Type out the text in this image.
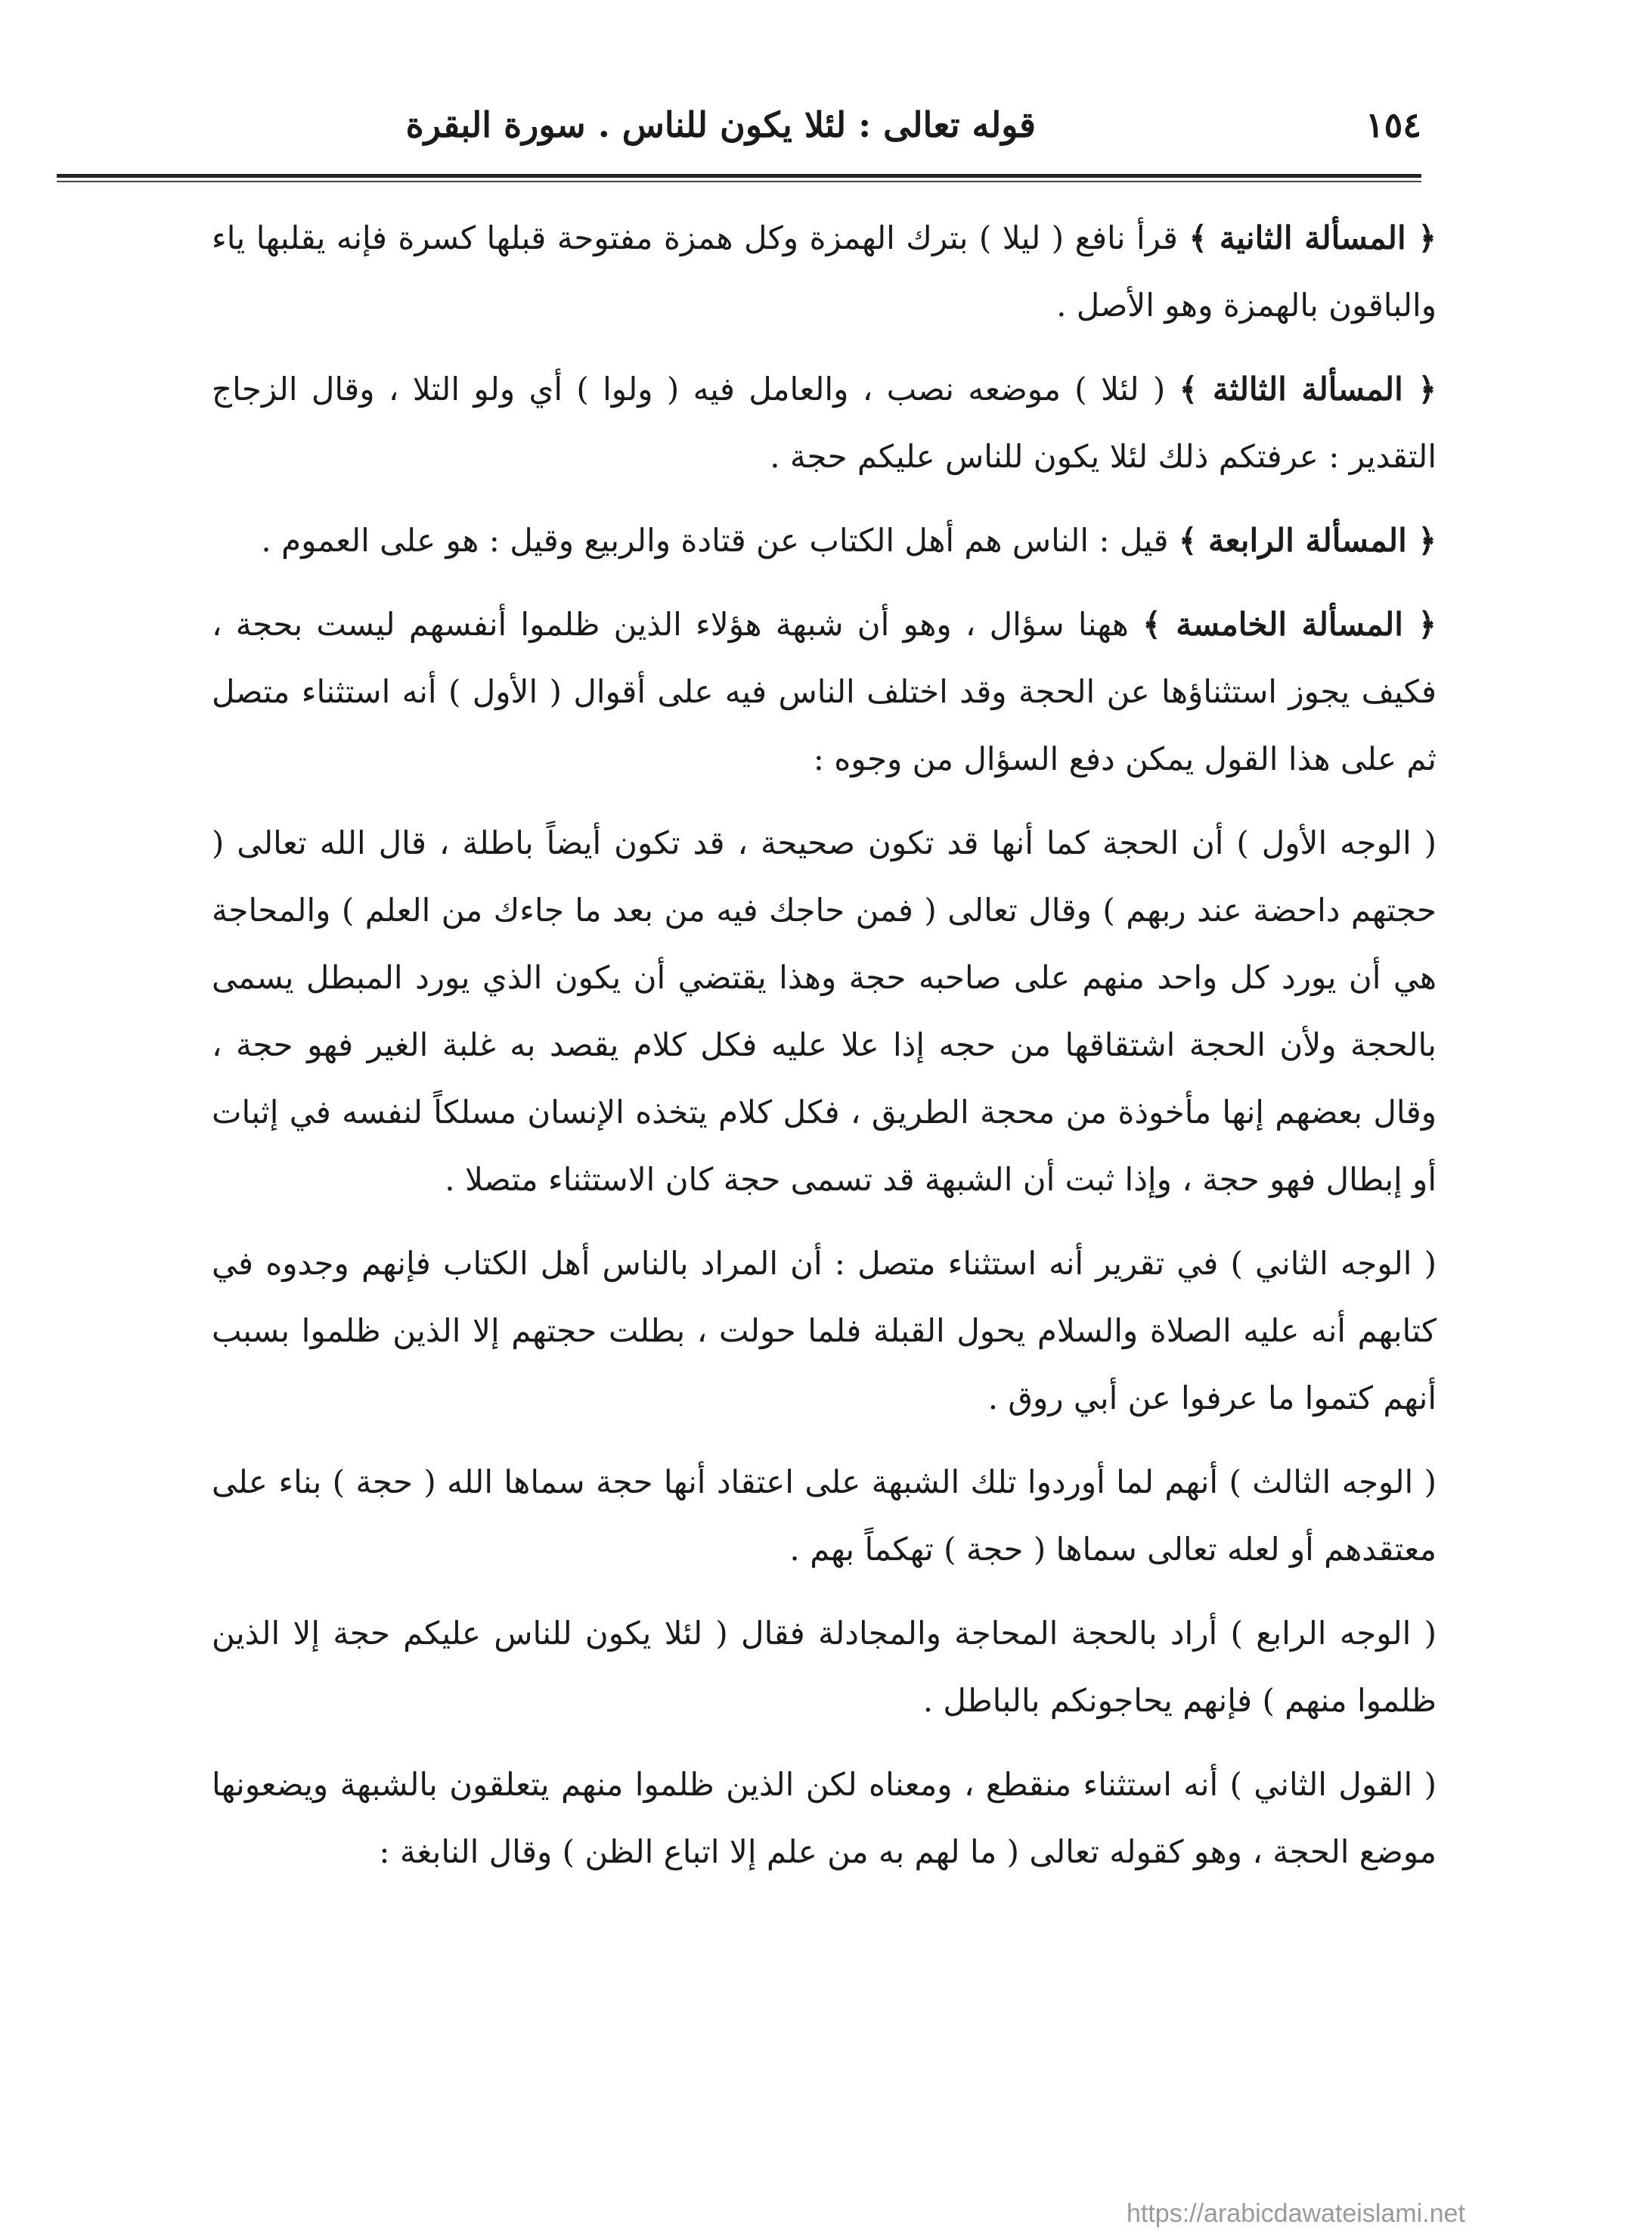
١٥٤
قوله تعالى : لئلا يكون للناس . سورة البقرة

﴿ المسألة الثانية ﴾ قرأ نافع ( ليلا ) بترك الهمزة وكل همزة مفتوحة قبلها كسرة فإنه يقلبها ياء والباقون بالهمزة وهو الأصل .

﴿ المسألة الثالثة ﴾ ( لئلا ) موضعه نصب ، والعامل فيه ( ولوا ) أي ولو التلا ، وقال الزجاج التقدير : عرفتكم ذلك لئلا يكون للناس عليكم حجة .

﴿ المسألة الرابعة ﴾ قيل : الناس هم أهل الكتاب عن قتادة والربيع وقيل : هو على العموم .

﴿ المسألة الخامسة ﴾ ههنا سؤال ، وهو أن شبهة هؤلاء الذين ظلموا أنفسهم ليست بحجة ، فكيف يجوز استثناؤها عن الحجة وقد اختلف الناس فيه على أقوال ( الأول ) أنه استثناء متصل ثم على هذا القول يمكن دفع السؤال من وجوه :

( الوجه الأول ) أن الحجة كما أنها قد تكون صحيحة ، قد تكون أيضاً باطلة ، قال الله تعالى ( حجتهم داحضة عند ربهم ) وقال تعالى ( فمن حاجك فيه من بعد ما جاءك من العلم ) والمحاجة هي أن يورد كل واحد منهم على صاحبه حجة وهذا يقتضي أن يكون الذي يورد المبطل يسمى بالحجة ولأن الحجة اشتقاقها من حجه إذا علا عليه فكل كلام يقصد به غلبة الغير فهو حجة ، وقال بعضهم إنها مأخوذة من محجة الطريق ، فكل كلام يتخذه الإنسان مسلكاً لنفسه في إثبات أو إبطال فهو حجة ، وإذا ثبت أن الشبهة قد تسمى حجة كان الاستثناء متصلا .

( الوجه الثاني ) في تقرير أنه استثناء متصل : أن المراد بالناس أهل الكتاب فإنهم وجدوه في كتابهم أنه عليه الصلاة والسلام يحول القبلة فلما حولت ، بطلت حجتهم إلا الذين ظلموا بسبب أنهم كتموا ما عرفوا عن أبي روق .

( الوجه الثالث ) أنهم لما أوردوا تلك الشبهة على اعتقاد أنها حجة سماها الله ( حجة ) بناء على معتقدهم أو لعله تعالى سماها ( حجة ) تهكماً بهم .

( الوجه الرابع ) أراد بالحجة المحاجة والمجادلة فقال ( لئلا يكون للناس عليكم حجة إلا الذين ظلموا منهم ) فإنهم يحاجونكم بالباطل .

( القول الثاني ) أنه استثناء منقطع ، ومعناه لكن الذين ظلموا منهم يتعلقون بالشبهة ويضعونها موضع الحجة ، وهو كقوله تعالى ( ما لهم به من علم إلا اتباع الظن ) وقال النابغة :

https://arabicdawateislami.net
